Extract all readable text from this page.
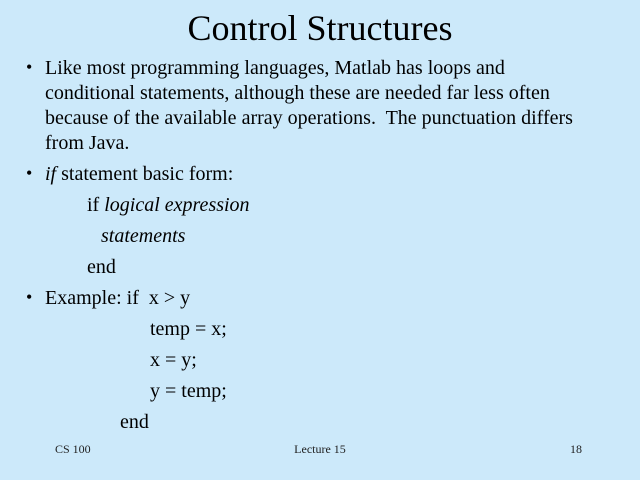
Control Structures
• Like most programming languages, Matlab has loops and
conditional statements, although these are needed far less often
because of the available array operations.  The punctuation differs
from Java.
• if statement basic form:
if logical expression
statements
end
• Example: if  x > y
temp = x;
x = y;
y = temp;
end
CS 100	Lecture 15	18
